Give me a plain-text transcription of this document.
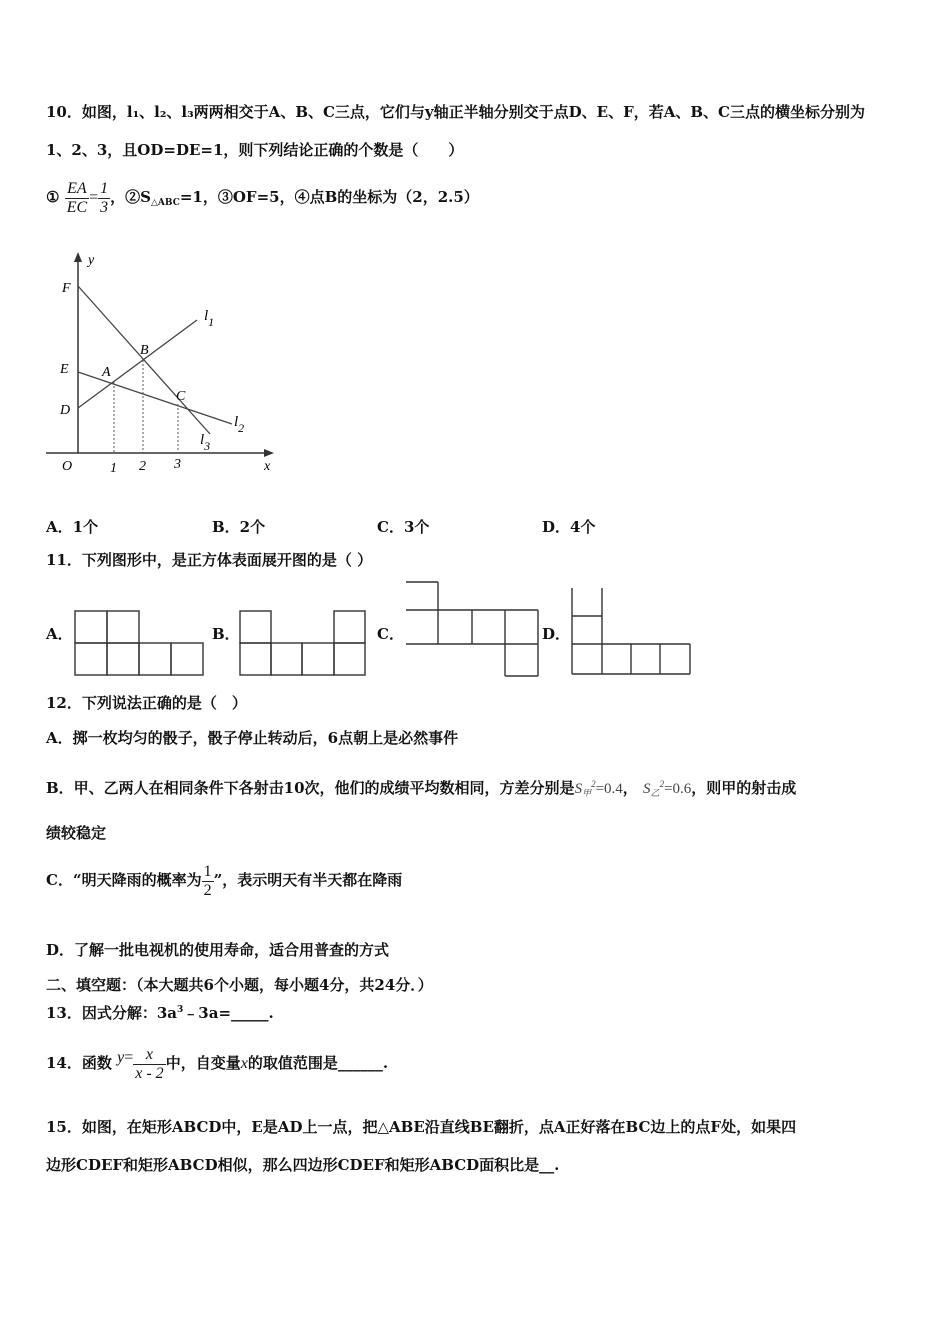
10．如图，l₁、l₂、l₃两两相交于A、B、C三点，它们与y轴正半轴分别交于点D、E、F，若A、B、C三点的横坐标分别为
1、2、3，且OD=DE=1，则下列结论正确的个数是（　　）
① $\frac{EA}{EC} = \frac{1}{3}$ ，$②S_{\triangle ABC}=1$，③OF=5，④点B的坐标为（2，2.5）
y
x
O
F
E
D
A
B
C
$l_1$
$l_2$
$l_3$
1 2 3
A．1个	B．2个	C．3个	D．4个
11．下列图形中，是正方体表面展开图的是（ ）
A．	B．	C．	D．
12．下列说法正确的是（　）
A．掷一枚均匀的骰子，骰子停止转动后，6点朝上是必然事件
B．甲、乙两人在相同条件下各射击10次，他们的成绩平均数相同，方差分别是$S_甲^2=0.4$， $S_乙^2=0.6$，则甲的射击成
绩较稳定
C．“明天降雨的概率为 $\frac{1}{2}$ ”，表示明天有半天都在降雨
D．了解一批电视机的使用寿命，适合用普查的方式
二、填空题：（本大题共6个小题，每小题4分，共24分．）
13．因式分解：$3a^3﹣3a=\_\_\_\_\_$.
14．函数 $y= \frac{x}{x - 2}$ 中，自变量x的取值范围是______.
15．如图，在矩形ABCD中，E是AD上一点，把△ABE沿直线BE翻折，点A正好落在BC边上的点F处，如果四
边形CDEF和矩形ABCD相似，那么四边形CDEF和矩形ABCD面积比是__.
